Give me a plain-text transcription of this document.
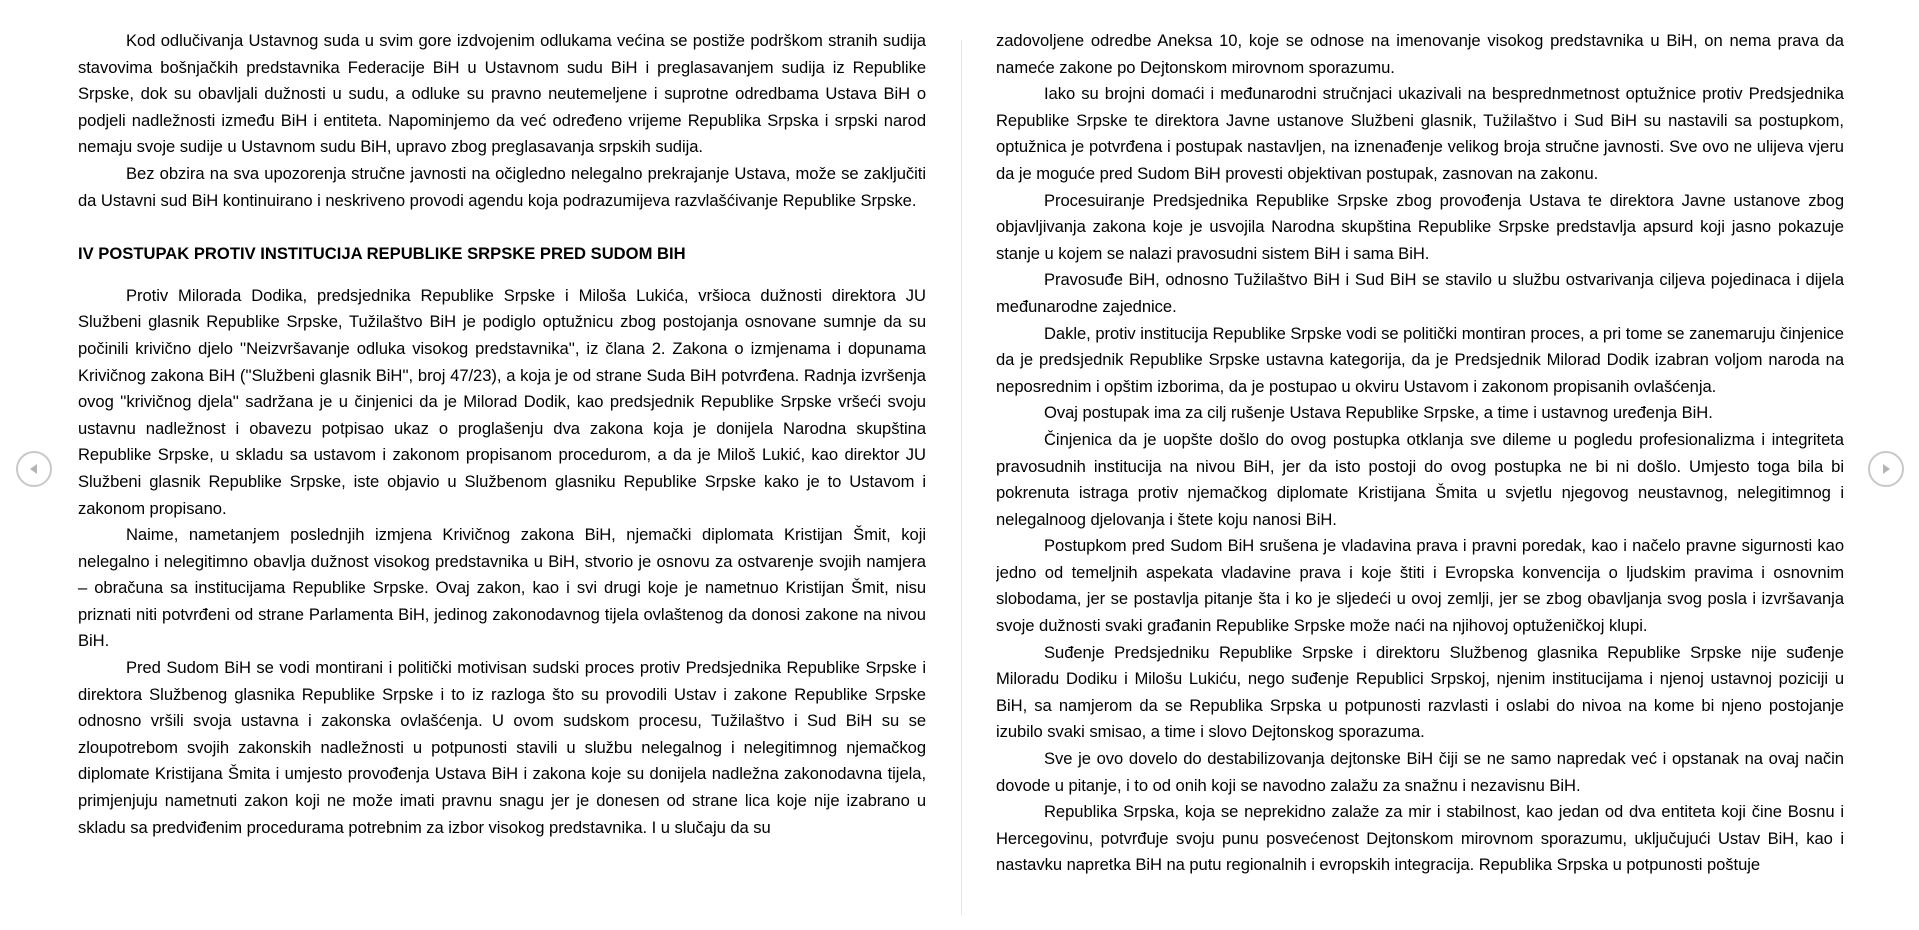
Kod odlučivanja Ustavnog suda u svim gore izdvojenim odlukama većina se postiže podrškom stranih sudija stavovima bošnjačkih predstavnika Federacije BiH u Ustavnom sudu BiH i preglasavanjem sudija iz Republike Srpske, dok su obavljali dužnosti u sudu, a odluke su pravno neutemeljene i suprotne odredbama Ustava BiH o podjeli nadležnosti između BiH i entiteta. Napominjemo da već određeno vrijeme Republika Srpska i srpski narod nemaju svoje sudije u Ustavnom sudu BiH, upravo zbog preglasavanja srpskih sudija.

Bez obzira na sva upozorenja stručne javnosti na očigledno nelegalno prekrajanje Ustava, može se zaključiti da Ustavni sud BiH kontinuirano i neskriveno provodi agendu koja podrazumijeva razvlašćivanje Republike Srpske.

IV POSTUPAK PROTIV INSTITUCIJA REPUBLIKE SRPSKE PRED SUDOM BIH

Protiv Milorada Dodika, predsjednika Republike Srpske i Miloša Lukića, vršioca dužnosti direktora JU Službeni glasnik Republike Srpske, Tužilaštvo BiH je podiglo optužnicu zbog postojanja osnovane sumnje da su počinili krivično djelo ''Neizvršavanje odluka visokog predstavnika'', iz člana 2. Zakona o izmjenama i dopunama Krivičnog zakona BiH (''Službeni glasnik BiH'', broj 47/23), a koja je od strane Suda BiH potvrđena. Radnja izvršenja ovog ''krivičnog djela'' sadržana je u činjenici da je Milorad Dodik, kao predsjednik Republike Srpske vršeći svoju ustavnu nadležnost i obavezu potpisao ukaz o proglašenju dva zakona koja je donijela Narodna skupština Republike Srpske, u skladu sa ustavom i zakonom propisanom procedurom, a da je Miloš Lukić, kao direktor JU Službeni glasnik Republike Srpske, iste objavio u Službenom glasniku Republike Srpske kako je to Ustavom i zakonom propisano.

Naime, nametanjem poslednjih izmjena Krivičnog zakona BiH, njemački diplomata Kristijan Šmit, koji nelegalno i nelegitimno obavlja dužnost visokog predstavnika u BiH, stvorio je osnovu za ostvarenje svojih namjera – obračuna sa institucijama Republike Srpske. Ovaj zakon, kao i svi drugi koje je nametnuo Kristijan Šmit, nisu priznati niti potvrđeni od strane Parlamenta BiH, jedinog zakonodavnog tijela ovlaštenog da donosi zakone na nivou BiH.

Pred Sudom BiH se vodi montirani i politički motivisan sudski proces protiv Predsjednika Republike Srpske i direktora Službenog glasnika Republike Srpske i to iz razloga što su provodili Ustav i zakone Republike Srpske odnosno vršili svoja ustavna i zakonska ovlašćenja. U ovom sudskom procesu, Tužilaštvo i Sud BiH su se zloupotrebom svojih zakonskih nadležnosti u potpunosti stavili u službu nelegalnog i nelegitimnog njemačkog diplomate Kristijana Šmita i umjesto provođenja Ustava BiH i zakona koje su donijela nadležna zakonodavna tijela, primjenjuju nametnuti zakon koji ne može imati pravnu snagu jer je donesen od strane lica koje nije izabrano u skladu sa predviđenim procedurama potrebnim za izbor visokog predstavnika. I u slučaju da su

zadovoljene odredbe Aneksa 10, koje se odnose na imenovanje visokog predstavnika u BiH, on nema prava da nameće zakone po Dejtonskom mirovnom sporazumu.

Iako su brojni domaći i međunarodni stručnjaci ukazivali na besprednmetnost optužnice protiv Predsjednika Republike Srpske te direktora Javne ustanove Službeni glasnik, Tužilaštvo i Sud BiH su nastavili sa postupkom, optužnica je potvrđena i postupak nastavljen, na iznenađenje velikog broja stručne javnosti. Sve ovo ne ulijeva vjeru da je moguće pred Sudom BiH provesti objektivan postupak, zasnovan na zakonu.

Procesuiranje Predsjednika Republike Srpske zbog provođenja Ustava te direktora Javne ustanove zbog objavljivanja zakona koje je usvojila Narodna skupština Republike Srpske predstavlja apsurd koji jasno pokazuje stanje u kojem se nalazi pravosudni sistem BiH i sama BiH.

Pravosuđe BiH, odnosno Tužilaštvo BiH i Sud BiH se stavilo u službu ostvarivanja ciljeva pojedinaca i dijela međunarodne zajednice.

Dakle, protiv institucija Republike Srpske vodi se politički montiran proces, a pri tome se zanemaruju činjenice da je predsjednik Republike Srpske ustavna kategorija, da je Predsjednik Milorad Dodik izabran voljom naroda na neposrednim i opštim izborima, da je postupao u okviru Ustavom i zakonom propisanih ovlašćenja.

Ovaj postupak ima za cilj rušenje Ustava Republike Srpske, a time i ustavnog uređenja BiH.

Činjenica da je uopšte došlo do ovog postupka otklanja sve dileme u pogledu profesionalizma i integriteta pravosudnih institucija na nivou BiH, jer da isto postoji do ovog postupka ne bi ni došlo. Umjesto toga bila bi pokrenuta istraga protiv njemačkog diplomate Kristijana Šmita u svjetlu njegovog neustavnog, nelegitimnog i nelegalnoog djelovanja i štete koju nanosi BiH.

Postupkom pred Sudom BiH srušena je vladavina prava i pravni poredak, kao i načelo pravne sigurnosti kao jedno od temeljnih aspekata vladavine prava i koje štiti i Evropska konvencija o ljudskim pravima i osnovnim slobodama, jer se postavlja pitanje šta i ko je sljedeći u ovoj zemlji, jer se zbog obavljanja svog posla i izvršavanja svoje dužnosti svaki građanin Republike Srpske može naći na njihovoj optuženičkoj klupi.

Suđenje Predsjedniku Republike Srpske i direktoru Službenog glasnika Republike Srpske nije suđenje Miloradu Dodiku i Milošu Lukiću, nego suđenje Republici Srpskoj, njenim institucijama i njenoj ustavnoj poziciji u BiH, sa namjerom da se Republika Srpska u potpunosti razvlasti i oslabi do nivoa na kome bi njeno postojanje izubilo svaki smisao, a time i slovo Dejtonskog sporazuma.

Sve je ovo dovelo do destabilizovanja dejtonske BiH čiji se ne samo napredak već i opstanak na ovaj način dovode u pitanje, i to od onih koji se navodno zalažu za snažnu i nezavisnu BiH.

Republika Srpska, koja se neprekidno zalaže za mir i stabilnost, kao jedan od dva entiteta koji čine Bosnu i Hercegovinu, potvrđuje svoju punu posvećenost Dejtonskom mirovnom sporazumu, uključujući Ustav BiH, kao i nastavku napretka BiH na putu regionalnih i evropskih integracija. Republika Srpska u potpunosti poštuje
